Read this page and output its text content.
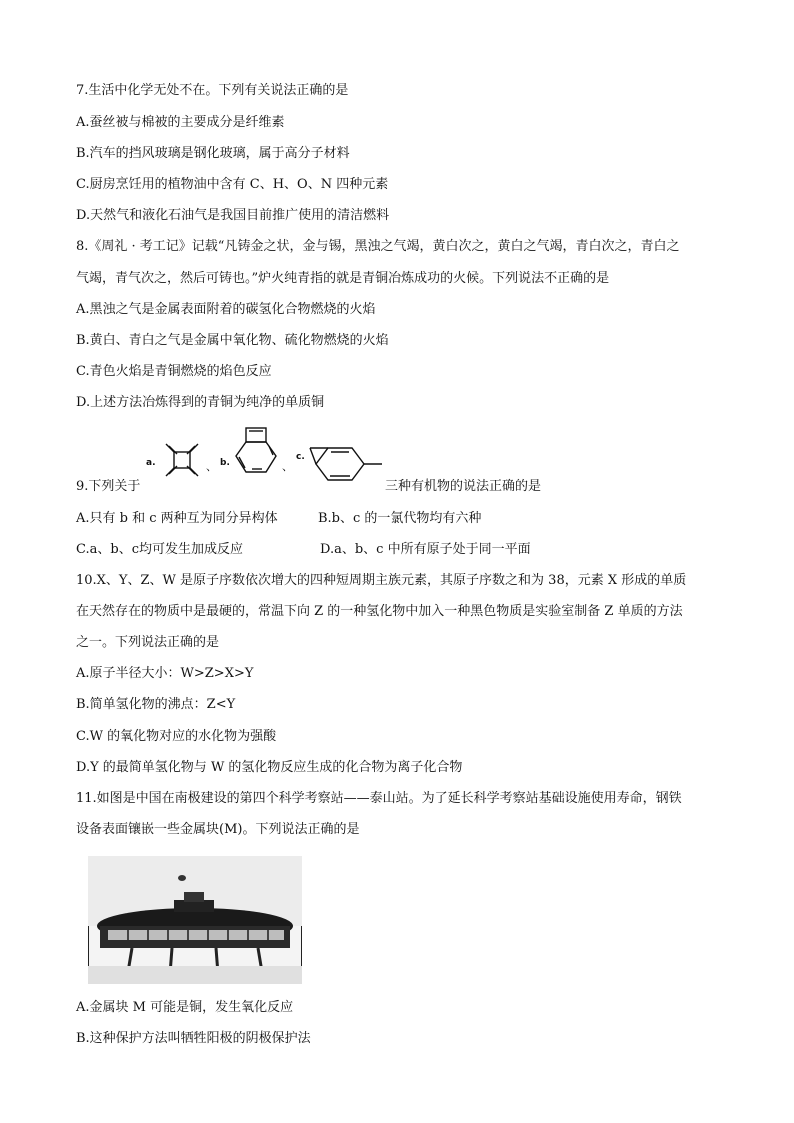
7.生活中化学无处不在。下列有关说法正确的是
A.蚕丝被与棉被的主要成分是纤维素
B.汽车的挡风玻璃是钢化玻璃，属于高分子材料
C.厨房烹饪用的植物油中含有 C、H、O、N 四种元素
D.天然气和液化石油气是我国目前推广使用的清洁燃料
8.《周礼 · 考工记》记载“凡铸金之状，金与锡，黑浊之气竭，黄白次之，黄白之气竭，青白次之，青白之
气竭，青气次之，然后可铸也。”炉火纯青指的就是青铜冶炼成功的火候。下列说法不正确的是
A.黑浊之气是金属表面附着的碳氢化合物燃烧的火焰
B.黄白、青白之气是金属中氧化物、硫化物燃烧的火焰
C.青色火焰是青铜燃烧的焰色反应
D.上述方法冶炼得到的青铜为纯净的单质铜
9.下列关于
a.	、 b.	、
c.
三种有机物的说法正确的是
A.只有 b 和 c 两种互为同分异构体	B.b、c 的一氯代物均有六种
C.a、b、c均可发生加成反应	D.a、b、c 中所有原子处于同一平面
10.X、Y、Z、W 是原子序数依次增大的四种短周期主族元素，其原子序数之和为 38，元素 X 形成的单质
在天然存在的物质中是最硬的，常温下向 Z 的一种氢化物中加入一种黑色物质是实验室制备 Z 单质的方法
之一。下列说法正确的是
A.原子半径大小：W>Z>X>Y
B.简单氢化物的沸点：Z<Y
C.W 的氧化物对应的水化物为强酸
D.Y 的最简单氢化物与 W 的氢化物反应生成的化合物为离子化合物
11.如图是中国在南极建设的第四个科学考察站——泰山站。为了延长科学考察站基础设施使用寿命，钢铁
设备表面镶嵌一些金属块(M)。下列说法正确的是
A.金属块 M 可能是铜，发生氧化反应
B.这种保护方法叫牺牲阳极的阴极保护法
